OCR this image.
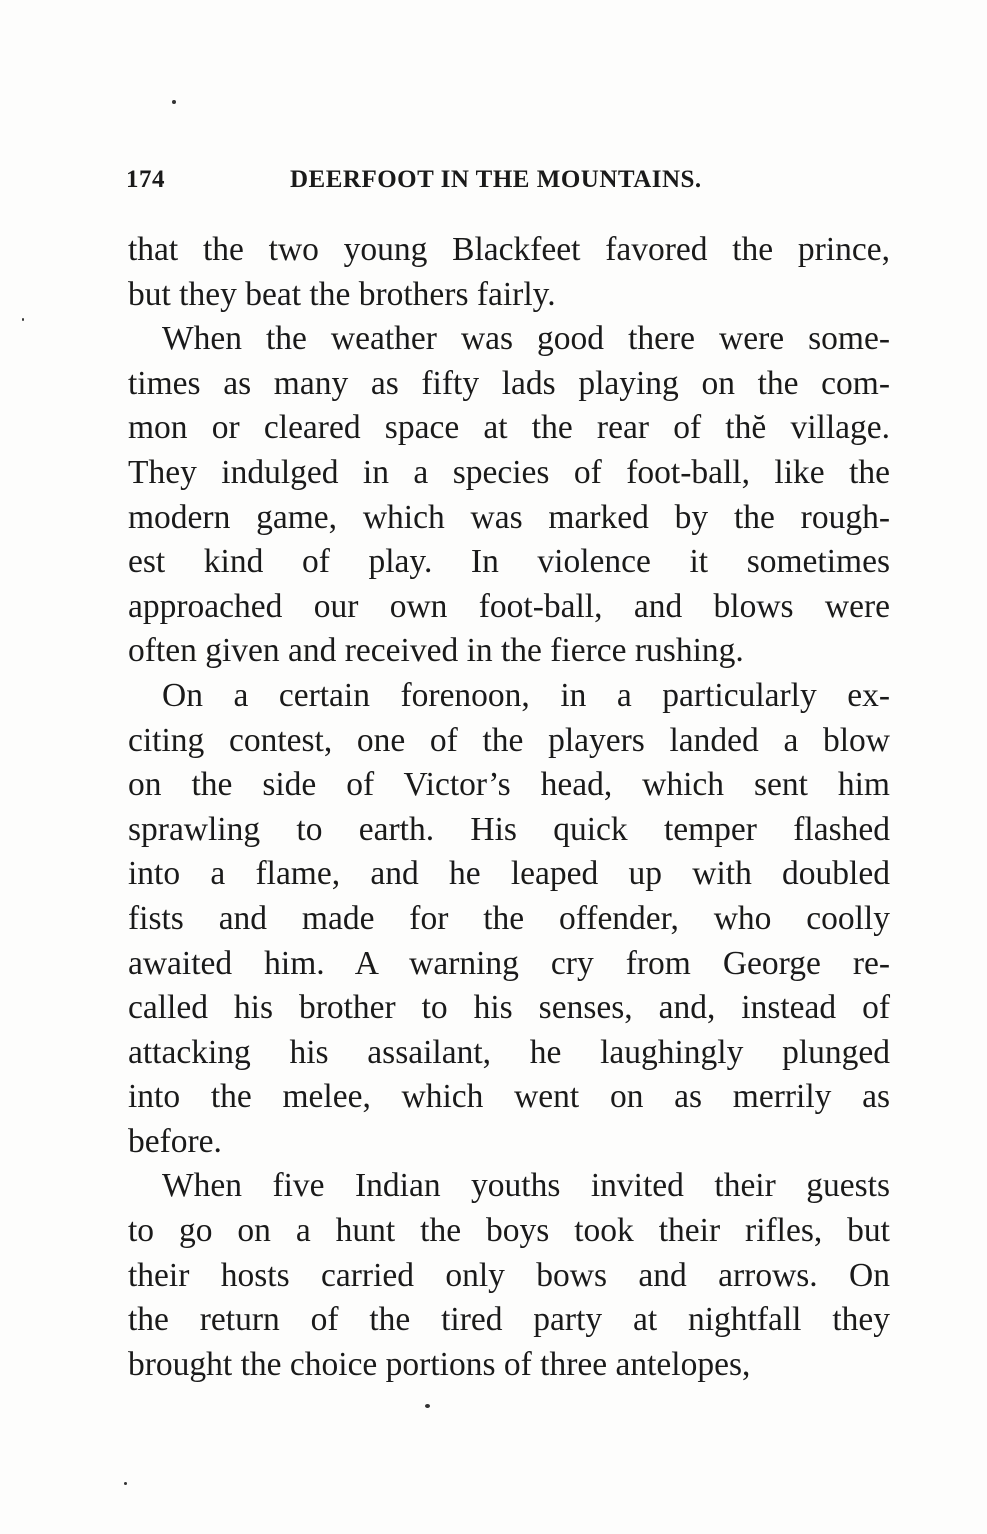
174	DEERFOOT IN THE MOUNTAINS.
that the two young Blackfeet favored the prince,
but they beat the brothers fairly.
When the weather was good there were some-
times as many as fifty lads playing on the com-
mon or cleared space at the rear of thĕ village.
They indulged in a species of foot-ball, like the
modern game, which was marked by the rough-
est kind of play. In violence it sometimes
approached our own foot-ball, and blows were
often given and received in the fierce rushing.
On a certain forenoon, in a particularly ex-
citing contest, one of the players landed a blow
on the side of Victor’s head, which sent him
sprawling to earth. His quick temper flashed
into a flame, and he leaped up with doubled
fists and made for the offender, who coolly
awaited him. A warning cry from George re-
called his brother to his senses, and, instead of
attacking his assailant, he laughingly plunged
into the melee, which went on as merrily as
before.
When five Indian youths invited their guests
to go on a hunt the boys took their rifles, but
their hosts carried only bows and arrows. On
the return of the tired party at nightfall they
brought the choice portions of three antelopes,
